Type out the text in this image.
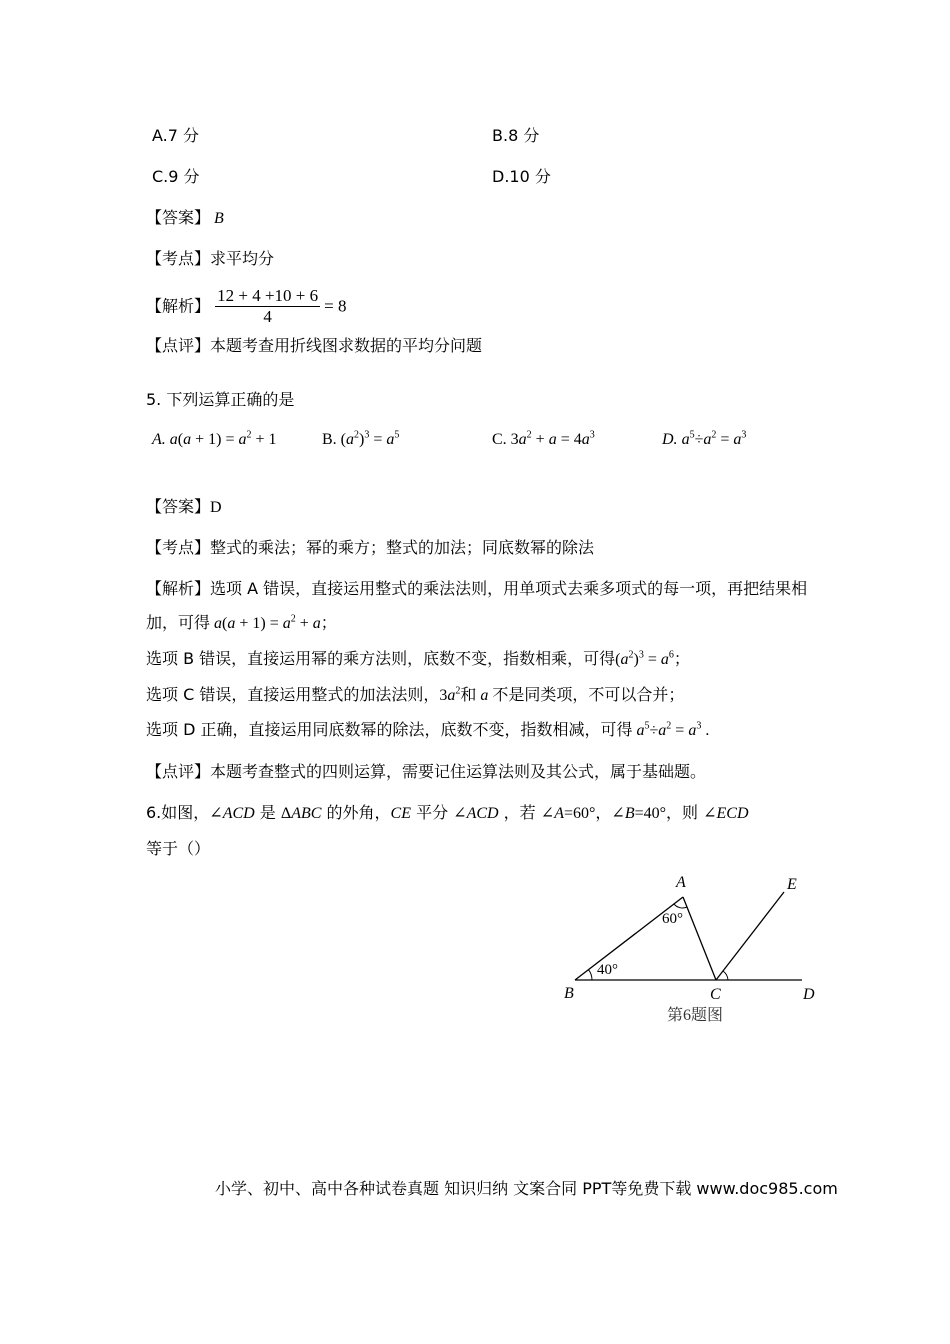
A.7 分	B.8 分
C.9 分	D.10 分
【答案】 B
【考点】求平均分
【解析】 $\frac{12 + 4 +10 + 6}{4} = 8$
【点评】本题考查用折线图求数据的平均分问题
5. 下列运算正确的是
A. $a(a + 1) = a^2 + 1$	B. $(a^2)^3 = a^5$	C. $3a^2 + a = 4a^3$	D. $a^5\div a^2 = a^3$
【答案】D
【考点】整式的乘法；幂的乘方；整式的加法；同底数幂的除法
【解析】选项 A 错误，直接运用整式的乘法法则，用单项式去乘多项式的每一项，再把结果相
加，可得 $a(a + 1) = a^2 + a$；
选项 B 错误，直接运用幂的乘方法则，底数不变，指数相乘，可得$(a^2)^3 = a^6$；
选项 C 错误，直接运用整式的加法法则，$3a^2$和 a 不是同类项，不可以合并；
选项 D 正确，直接运用同底数幂的除法，底数不变，指数相减，可得 $a^5\div a^2 = a^3$ .
【点评】本题考查整式的四则运算，需要记住运算法则及其公式，属于基础题。
6.如图，∠ACD 是 ΔABC 的外角，CE 平分 ∠ACD ，若 ∠A=60°，∠B=40°，则 ∠ECD
等于（）
A
B	C	D
E
60°
40°
第6题图
小学、初中、高中各种试卷真题 知识归纳 文案合同 PPT等免费下载 www.doc985.com
